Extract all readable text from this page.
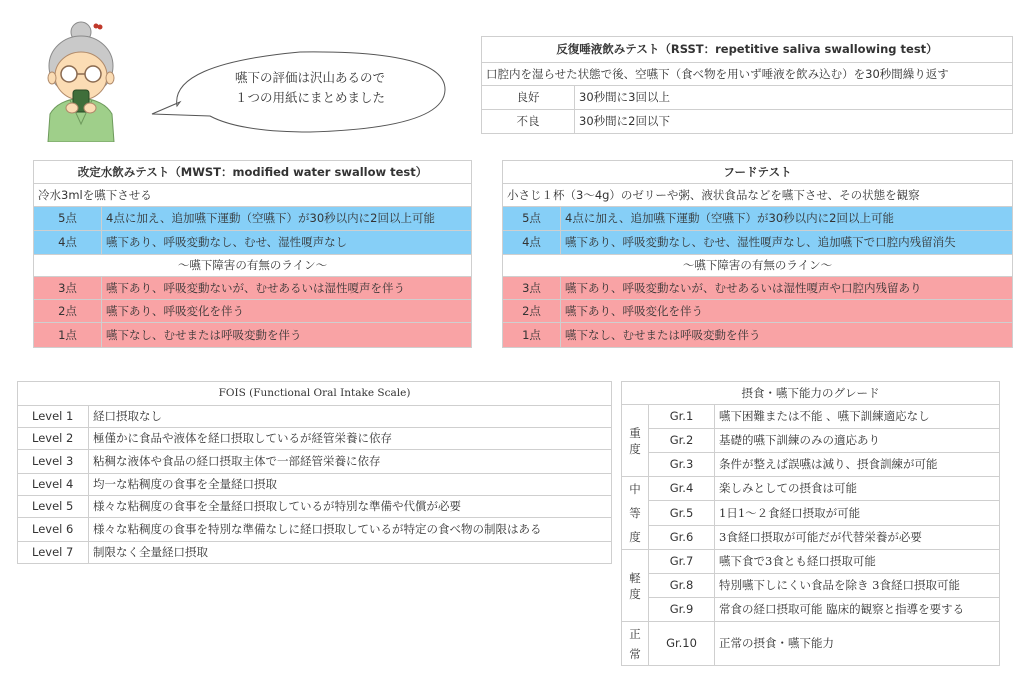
嚥下の評価は沢山あるので
１つの用紙にまとめました
反復唾液飲みテスト（RSST：repetitive saliva swallowing test）	
口腔内を湿らせた状態で後、空嚥下（食べ物を用いず唾液を飲み込む）を30秒間繰り返す	
良好	30秒間に3回以上
不良	30秒間に2回以下
改定水飲みテスト（MWST：modified water swallow test）	
冷水3mlを嚥下させる	
5点	4点に加え、追加嚥下運動（空嚥下）が30秒以内に2回以上可能
4点	嚥下あり、呼吸変動なし、むせ、湿性嗄声なし
〜嚥下障害の有無のライン〜	
3点	嚥下あり、呼吸変動ないが、むせあるいは湿性嗄声を伴う
2点	嚥下あり、呼吸変化を伴う
1点	嚥下なし、むせまたは呼吸変動を伴う
フードテスト	
小さじ１杯（3〜4g）のゼリーや粥、液状食品などを嚥下させ、その状態を観察	
5点	4点に加え、追加嚥下運動（空嚥下）が30秒以内に2回以上可能
4点	嚥下あり、呼吸変動なし、むせ、湿性嗄声なし、追加嚥下で口腔内残留消失
〜嚥下障害の有無のライン〜	
3点	嚥下あり、呼吸変動ないが、むせあるいは湿性嗄声や口腔内残留あり
2点	嚥下あり、呼吸変化を伴う
1点	嚥下なし、むせまたは呼吸変動を伴う
FOIS (Functional Oral Intake Scale)	
Level 1	経口摂取なし
Level 2	極僅かに食品や液体を経口摂取しているが経管栄養に依存
Level 3	粘稠な液体や食品の経口摂取主体で一部経管栄養に依存
Level 4	均一な粘稠度の食事を全量経口摂取
Level 5	様々な粘稠度の食事を全量経口摂取しているが特別な準備や代償が必要
Level 6	様々な粘稠度の食事を特別な準備なしに経口摂取しているが特定の食べ物の制限はある
Level 7	制限なく全量経口摂取
摂食・嚥下能力のグレード		
重度	Gr.1	嚥下困難または不能 、嚥下訓練適応なし
	Gr.2	基礎的嚥下訓練のみの適応あり
	Gr.3	条件が整えば誤嚥は減り、摂食訓練が可能
中等度	Gr.4	楽しみとしての摂食は可能
	Gr.5	1日1〜２食経口摂取が可能
	Gr.6	3食経口摂取が可能だが代替栄養が必要
軽度	Gr.7	嚥下食で3食とも経口摂取可能
	Gr.8	特別嚥下しにくい食品を除き 3食経口摂取可能
	Gr.9	常食の経口摂取可能 臨床的観察と指導を要する
正常	Gr.10	正常の摂食・嚥下能力
